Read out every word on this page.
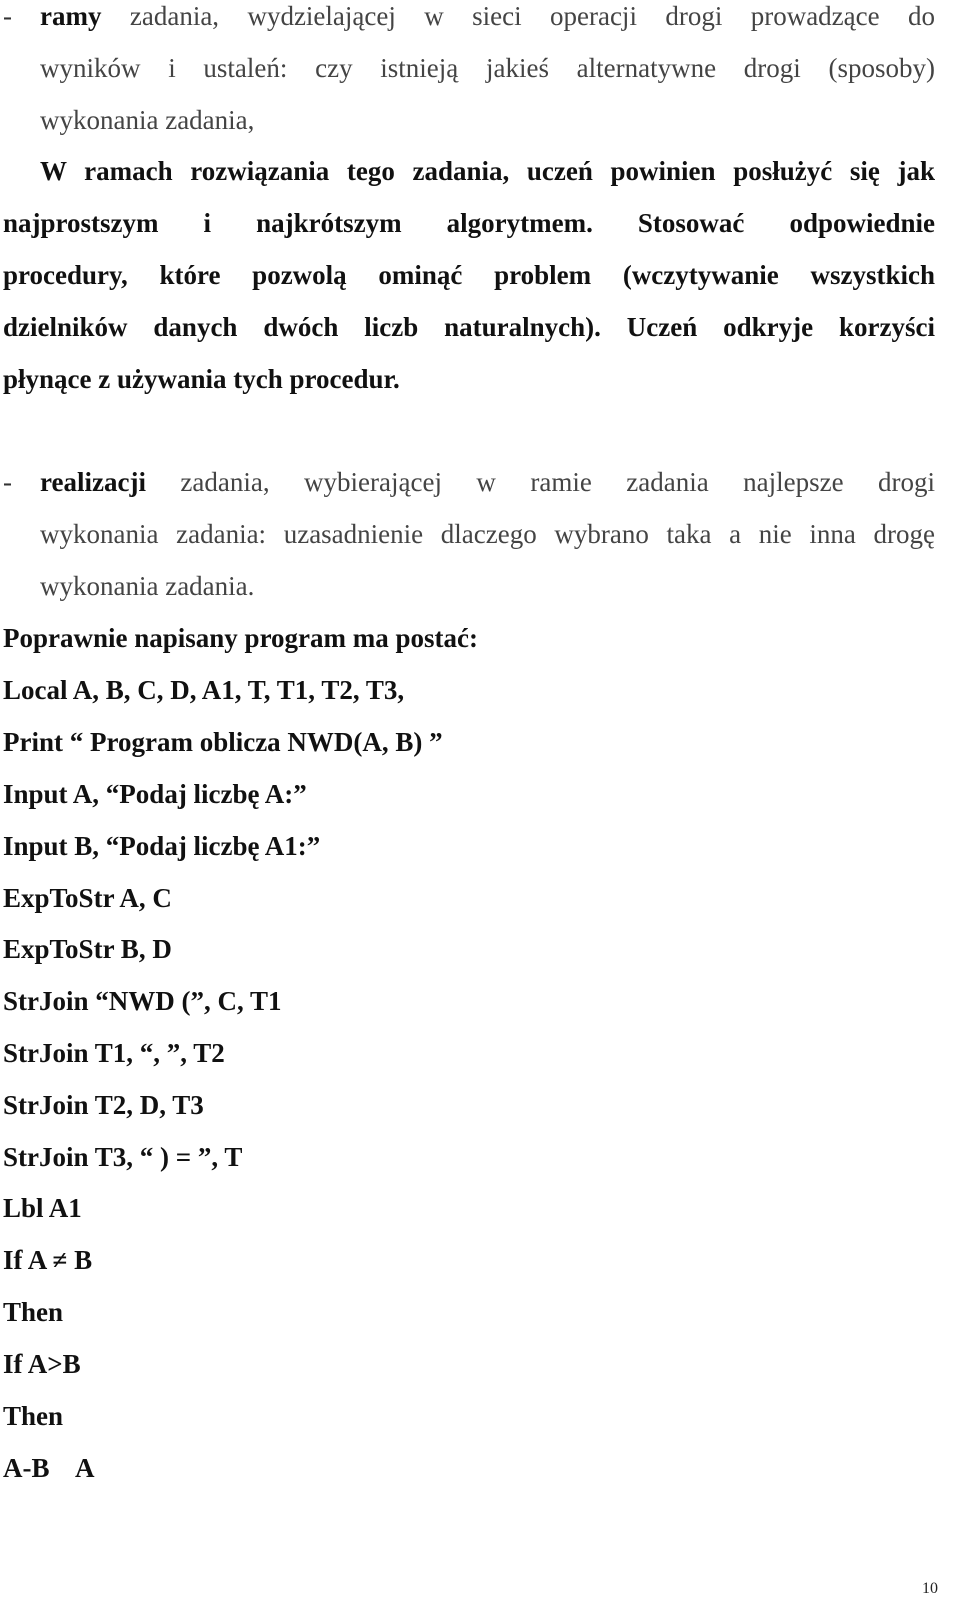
- ramy zadania, wydzielającej w sieci operacji drogi prowadzące do
wyników i ustaleń: czy istnieją jakieś alternatywne drogi (sposoby)
wykonania zadania,
W ramach rozwiązania tego zadania, uczeń powinien posłużyć się jak
najprostszym i najkrótszym algorytmem. Stosować odpowiednie
procedury, które pozwolą ominąć problem (wczytywanie wszystkich
dzielników danych dwóch liczb naturalnych). Uczeń odkryje korzyści
płynące z używania tych procedur.
- realizacji zadania, wybierającej w ramie zadania najlepsze drogi
wykonania zadania: uzasadnienie dlaczego wybrano taka a nie inna drogę
wykonania zadania.
Poprawnie napisany program ma postać:
Local A, B, C, D, A1, T, T1, T2, T3,
Print “ Program oblicza NWD(A, B) ”
Input A, “Podaj liczbę A:”
Input B, “Podaj liczbę A1:”
ExpToStr A, C
ExpToStr B, D
StrJoin “NWD (”, C, T1
StrJoin T1, “, ”, T2
StrJoin T2, D, T3
StrJoin T3, “ ) = ”, T
Lbl A1
If A ≠ B
Then
If A>B
Then
A-B    A
10
